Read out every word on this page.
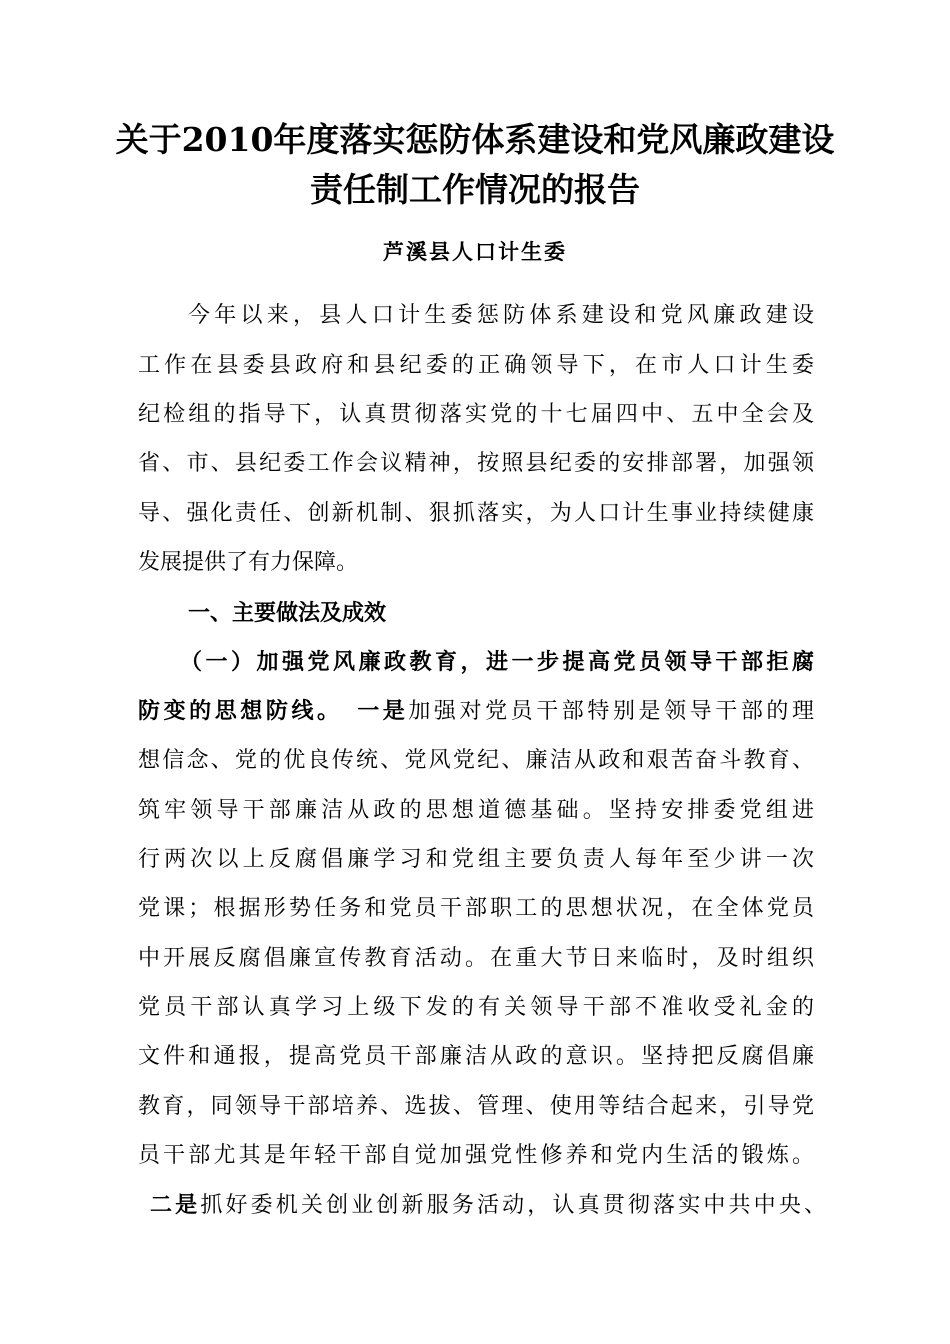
关于2010年度落实惩防体系建设和党风廉政建设
责任制工作情况的报告
芦溪县人口计生委
今年以来，县人口计生委惩防体系建设和党风廉政建设
工作在县委县政府和县纪委的正确领导下，在市人口计生委
纪检组的指导下，认真贯彻落实党的十七届四中、五中全会及
省、市、县纪委工作会议精神，按照县纪委的安排部署，加强领
导、强化责任、创新机制、狠抓落实，为人口计生事业持续健康
发展提供了有力保障。
一、主要做法及成效
（一）加强党风廉政教育，进一步提高党员领导干部拒腐
防变的思想防线。　 一是加强对党员干部特别是领导干部的理
想信念、党的优良传统、党风党纪、廉洁从政和艰苦奋斗教育、
筑牢领导干部廉洁从政的思想道德基础。坚持安排委党组进
行两次以上反腐倡廉学习和党组主要负责人每年至少讲一次
党课；根据形势任务和党员干部职工的思想状况，在全体党员
中开展反腐倡廉宣传教育活动。在重大节日来临时，及时组织
党员干部认真学习上级下发的有关领导干部不准收受礼金的
文件和通报，提高党员干部廉洁从政的意识。坚持把反腐倡廉
教育，同领导干部培养、选拔、管理、使用等结合起来，引导党
员干部尤其是年轻干部自觉加强党性修养和党内生活的锻炼。
二是抓好委机关创业创新服务活动，认真贯彻落实中共中央、
